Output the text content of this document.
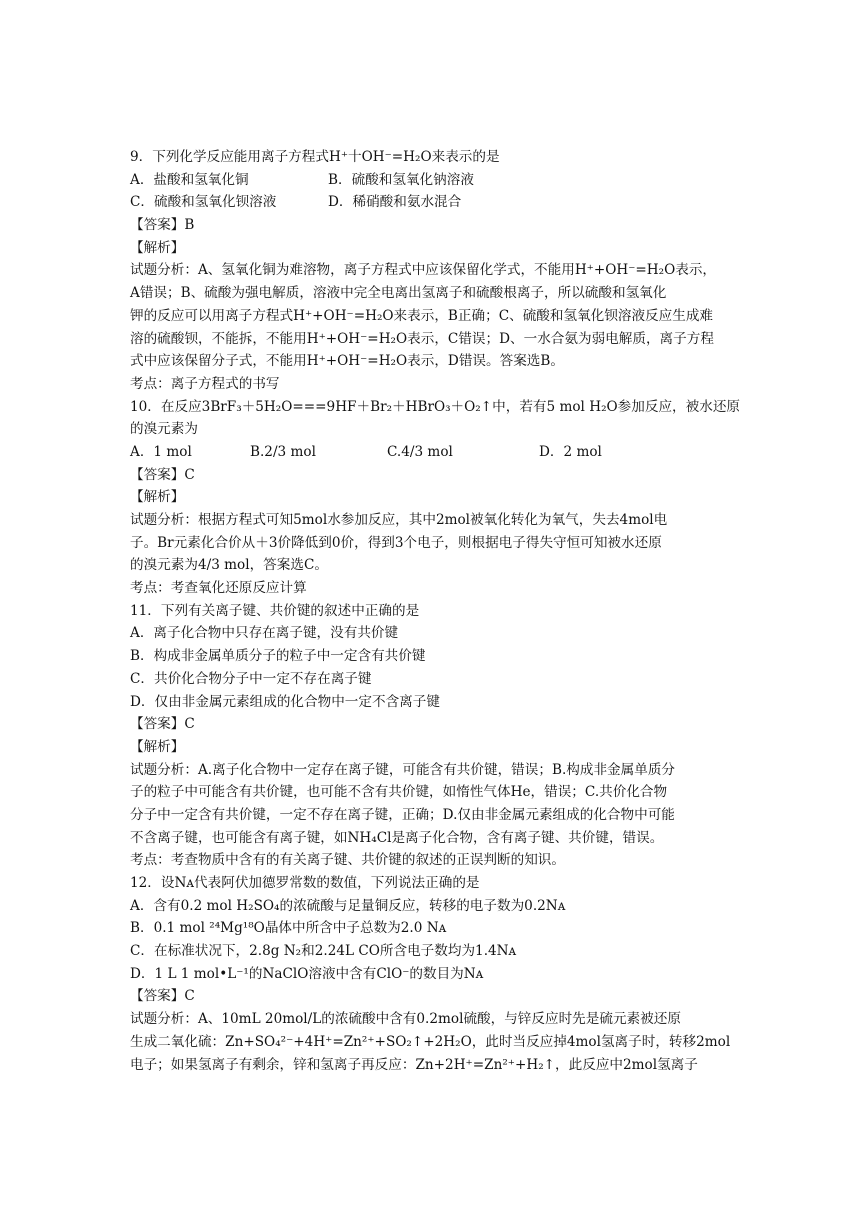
9．下列化学反应能用离子方程式H⁺十OH⁻=H₂O来表示的是
A．盐酸和氢氧化铜	B．硫酸和氢氧化钠溶液
C．硫酸和氢氧化钡溶液	D．稀硝酸和氨水混合
【答案】B
【解析】
试题分析：A、氢氧化铜为难溶物，离子方程式中应该保留化学式，不能用H⁺+OH⁻=H₂O表示，
A错误；B、硫酸为强电解质，溶液中完全电离出氢离子和硫酸根离子，所以硫酸和氢氧化
钾的反应可以用离子方程式H⁺+OH⁻=H₂O来表示，B正确；C、硫酸和氢氧化钡溶液反应生成难
溶的硫酸钡，不能拆，不能用H⁺+OH⁻=H₂O表示，C错误；D、一水合氨为弱电解质，离子方程
式中应该保留分子式，不能用H⁺+OH⁻=H₂O表示，D错误。答案选B。
考点：离子方程式的书写
10．在反应3BrF₃＋5H₂O===9HF＋Br₂＋HBrO₃＋O₂↑中，若有5 mol H₂O参加反应，被水还原
的溴元素为
A．1 mol	B.2/3 mol	C.4/3 mol	D．2 mol
【答案】C
【解析】
试题分析：根据方程式可知5mol水参加反应，其中2mol被氧化转化为氧气，失去4mol电
子。Br元素化合价从＋3价降低到0价，得到3个电子，则根据电子得失守恒可知被水还原
的溴元素为4/3 mol，答案选C。
考点：考查氧化还原反应计算
11．下列有关离子键、共价键的叙述中正确的是
A．离子化合物中只存在离子键，没有共价键
B．构成非金属单质分子的粒子中一定含有共价键
C．共价化合物分子中一定不存在离子键
D．仅由非金属元素组成的化合物中一定不含离子键
【答案】C
【解析】
试题分析：A.离子化合物中一定存在离子键，可能含有共价键，错误；B.构成非金属单质分
子的粒子中可能含有共价键，也可能不含有共价键，如惰性气体He，错误；C.共价化合物
分子中一定含有共价键，一定不存在离子键，正确；D.仅由非金属元素组成的化合物中可能
不含离子键，也可能含有离子键，如NH₄Cl是离子化合物，含有离子键、共价键，错误。
考点：考查物质中含有的有关离子键、共价键的叙述的正误判断的知识。
12．设Nᴀ代表阿伏加德罗常数的数值，下列说法正确的是
A．含有0.2 mol H₂SO₄的浓硫酸与足量铜反应，转移的电子数为0.2Nᴀ
B．0.1 mol ²⁴Mg¹⁸O晶体中所含中子总数为2.0 Nᴀ
C．在标准状况下，2.8g N₂和2.24L CO所含电子数均为1.4Nᴀ
D．1 L 1 mol•L⁻¹的NaClO溶液中含有ClO⁻的数目为Nᴀ
【答案】C
试题分析：A、10mL 20mol/L的浓硫酸中含有0.2mol硫酸，与锌反应时先是硫元素被还原
生成二氧化硫：Zn+SO₄²⁻+4H⁺=Zn²⁺+SO₂↑+2H₂O，此时当反应掉4mol氢离子时，转移2mol
电子；如果氢离子有剩余，锌和氢离子再反应：Zn+2H⁺=Zn²⁺+H₂↑，此反应中2mol氢离子
